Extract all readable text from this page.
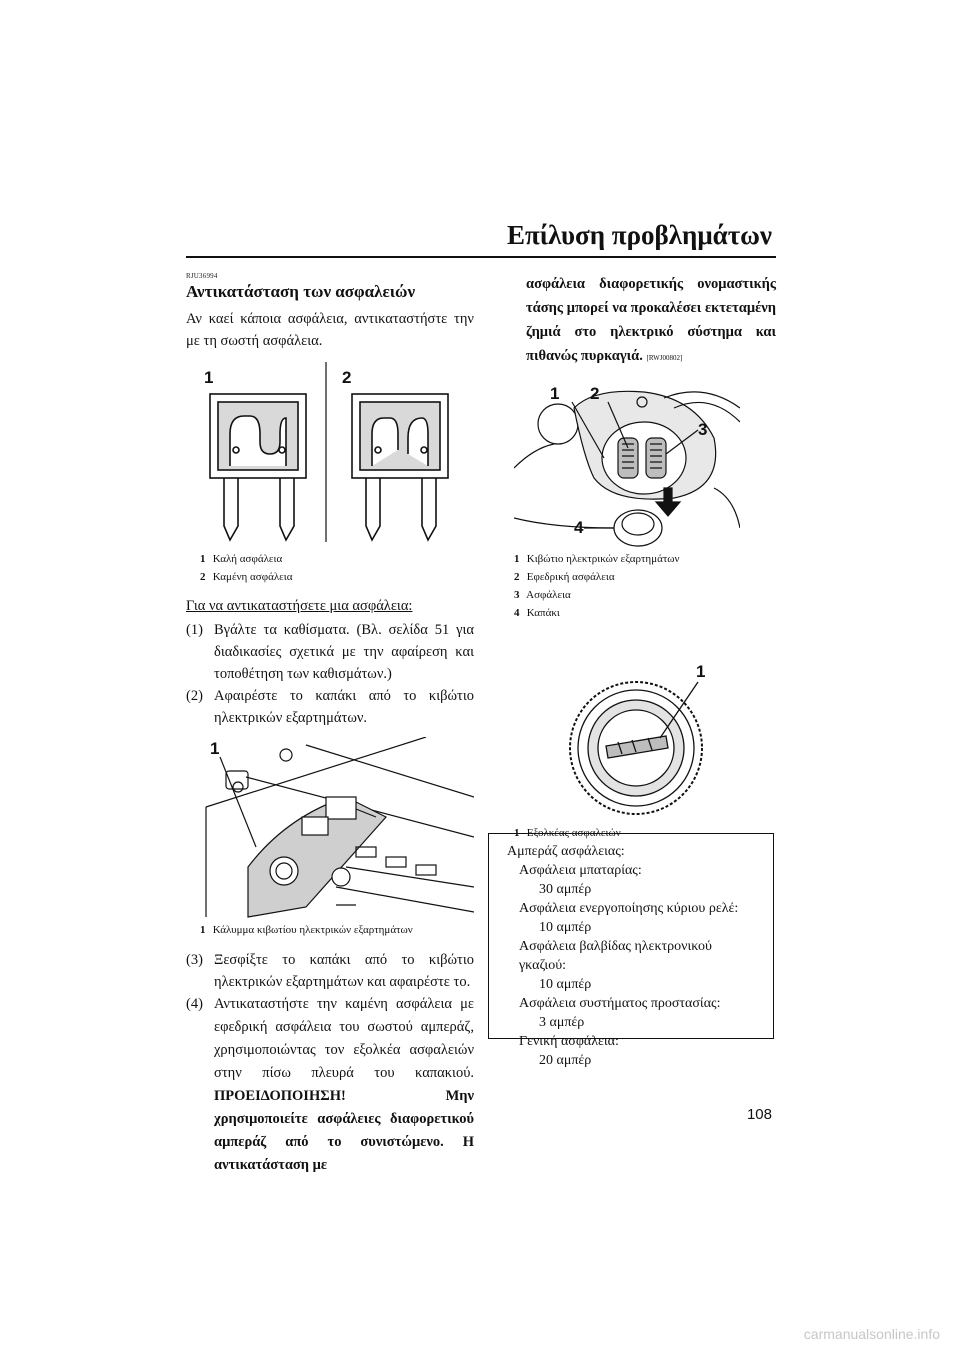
Επίλυση προβλημάτων
RJU36994
Αντικατάσταση των ασφαλειών

Αν καεί κάποια ασφάλεια, αντικαταστήστε την με τη σωστή ασφάλεια.

1	2
1 Καλή ασφάλεια
2 Καμένη ασφάλεια
Για να αντικαταστήσετε μια ασφάλεια:
(1) Βγάλτε τα καθίσματα. (Βλ. σελίδα 51 για διαδικασίες σχετικά με την αφαίρεση και τοποθέτηση των καθισμάτων.)
(2) Αφαιρέστε το καπάκι από το κιβώτιο ηλεκτρικών εξαρτημάτων.
1
1 Κάλυμμα κιβωτίου ηλεκτρικών εξαρτημάτων
(3) Ξεσφίξτε το καπάκι από το κιβώτιο ηλεκτρικών εξαρτημάτων και αφαιρέστε το.
(4) Αντικαταστήστε την καμένη ασφάλεια με εφεδρική ασφάλεια του σωστού αμπεράζ, χρησιμοποιώντας τον εξολκέα ασφαλειών στην πίσω πλευρά του καπακιού. ΠΡΟΕΙΔΟΠΟΙΗΣΗ! Μην χρησιμοποιείτε ασφάλειες διαφορετικού αμπεράζ από το συνιστώμενο. Η αντικατάσταση με

ασφάλεια διαφορετικής ονομαστικής τάσης μπορεί να προκαλέσει εκτεταμένη ζημιά στο ηλεκτρικό σύστημα και πιθανώς πυρκαγιά. [RWJ00802]

1 2
3
4
1 Κιβώτιο ηλεκτρικών εξαρτημάτων
2 Εφεδρική ασφάλεια
3 Ασφάλεια
4 Καπάκι
1
1 Εξολκέας ασφαλειών
Αμπεράζ ασφάλειας:
Ασφάλεια μπαταρίας:
30 αμπέρ
Ασφάλεια ενεργοποίησης κύριου ρελέ:
10 αμπέρ
Ασφάλεια βαλβίδας ηλεκτρονικού γκαζιού:
10 αμπέρ
Ασφάλεια συστήματος προστασίας:
3 αμπέρ
Γενική ασφάλεια:
20 αμπέρ
108
carmanualsonline.info
